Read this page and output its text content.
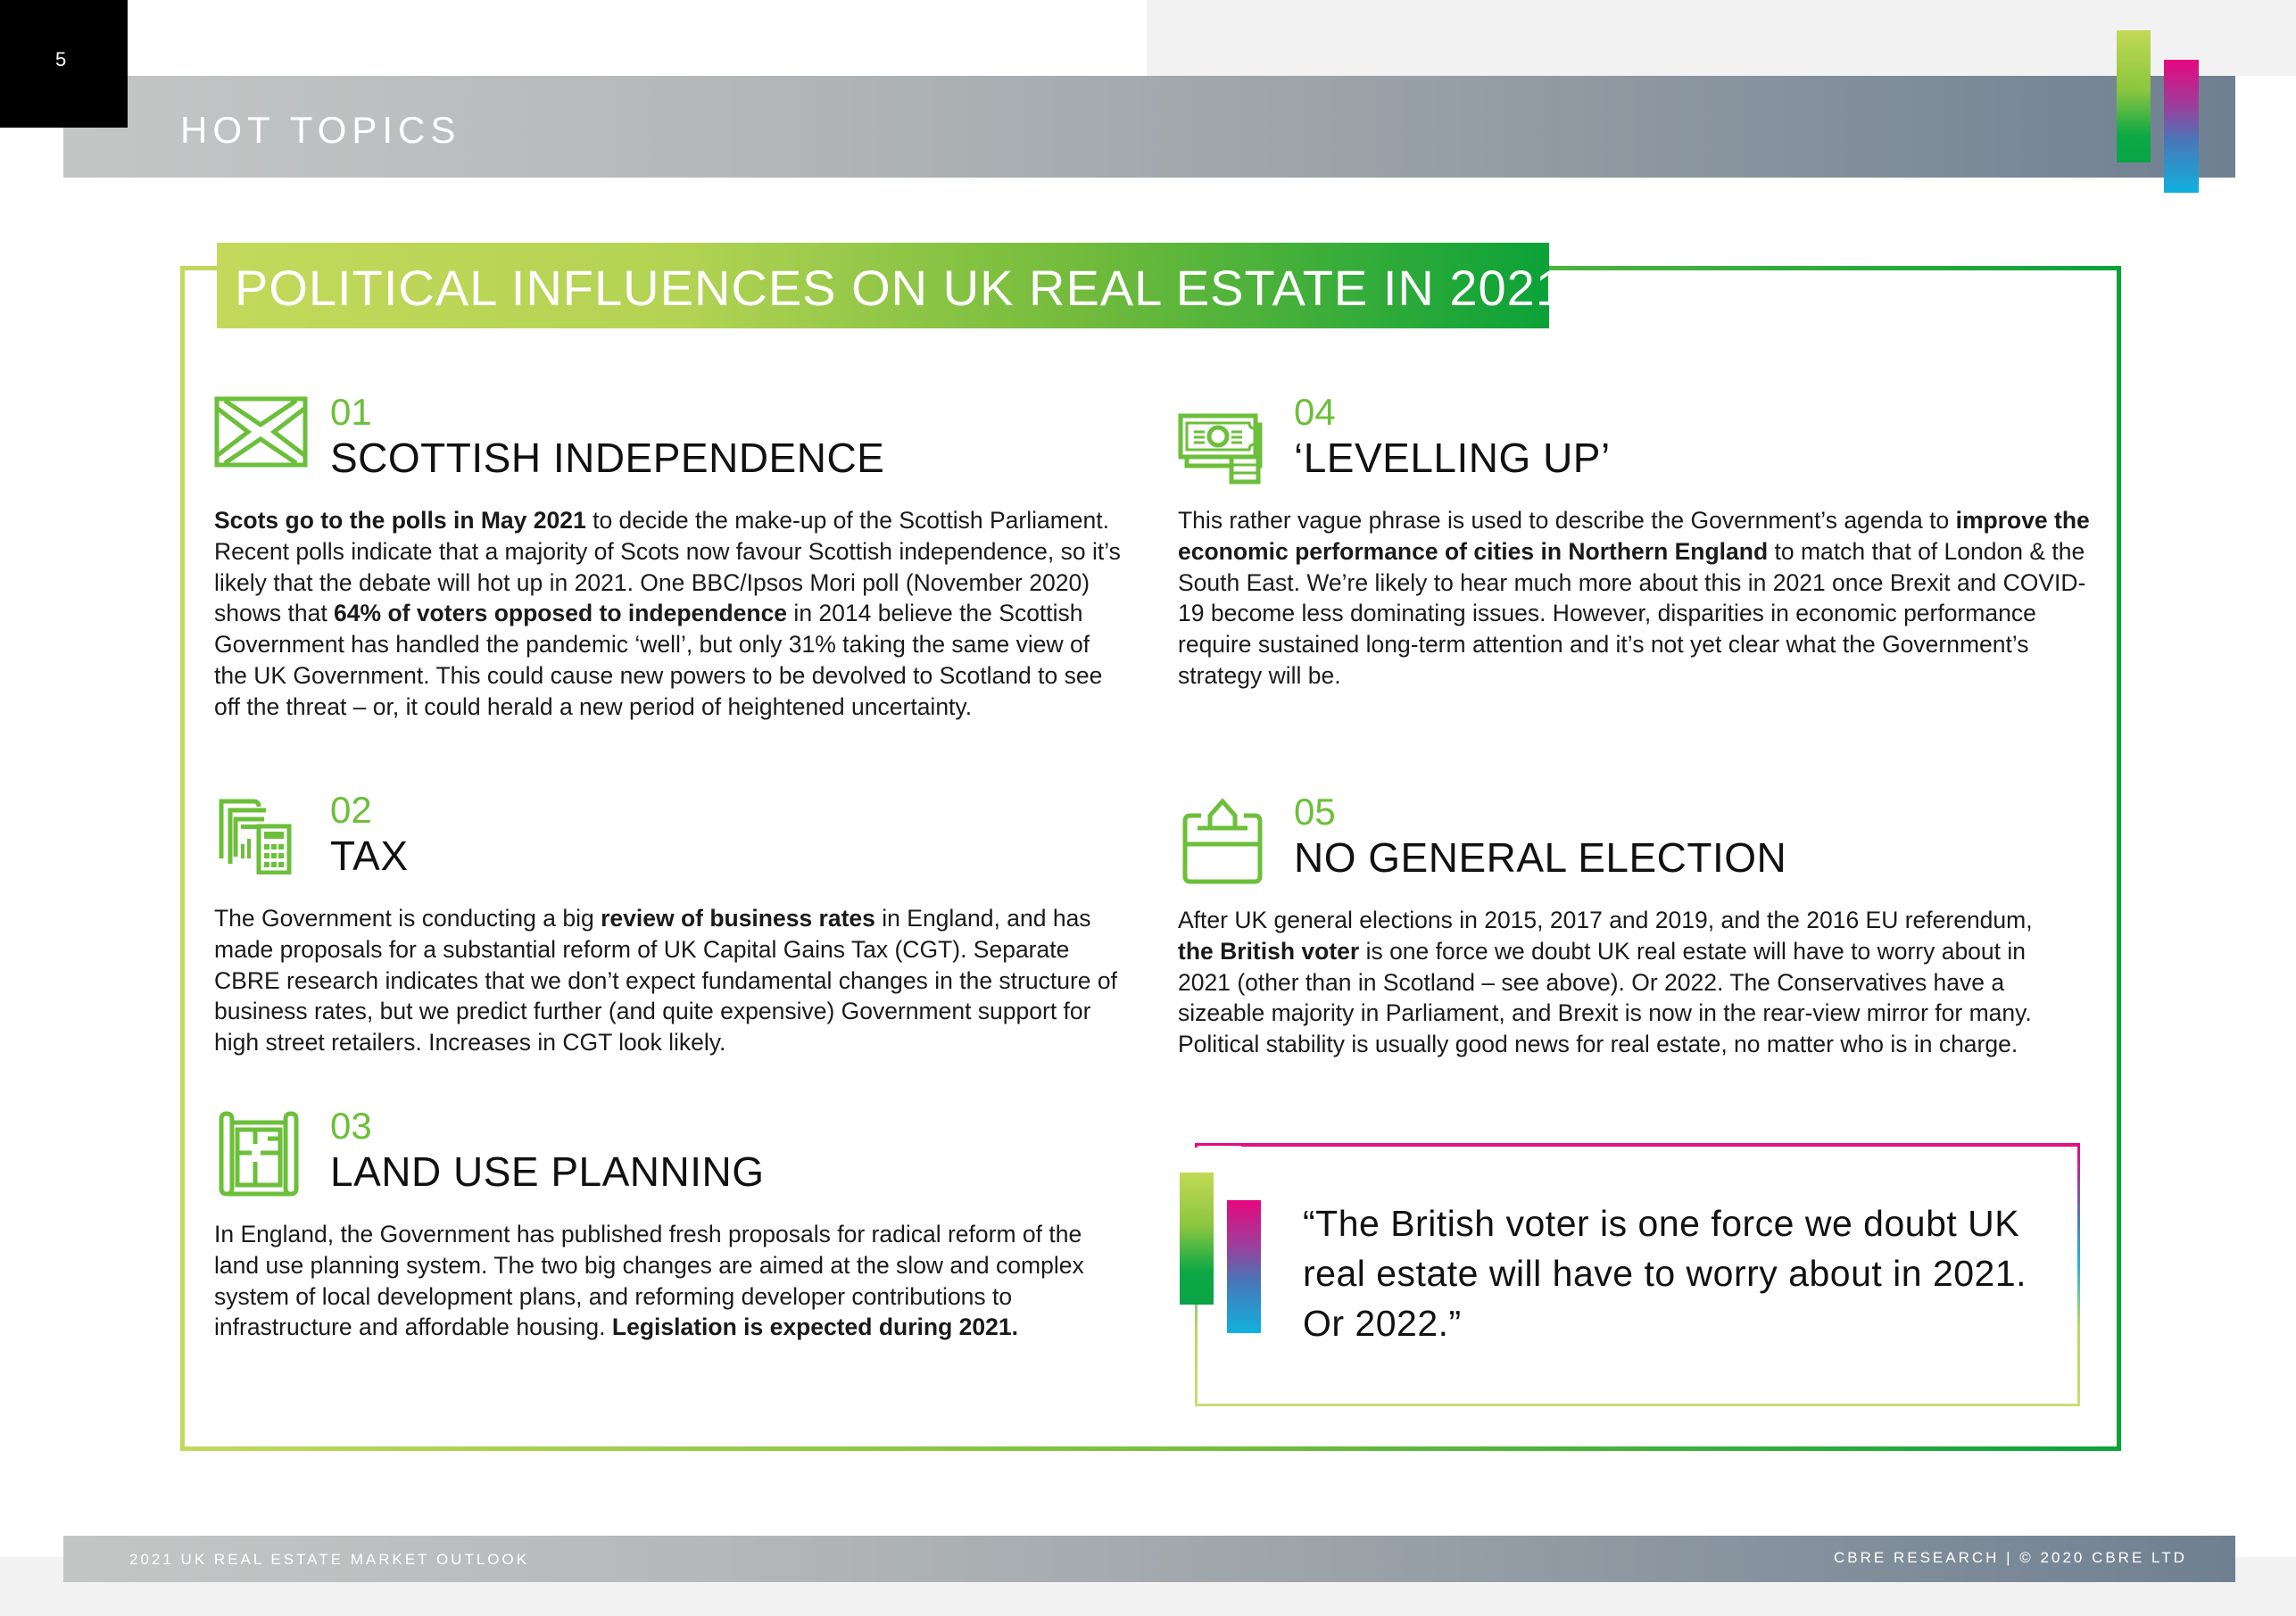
5
HOT TOPICS
POLITICAL INFLUENCES ON UK REAL ESTATE IN 2021
01
SCOTTISH INDEPENDENCE
Scots go to the polls in May 2021 to decide the make-up of the Scottish Parliament. Recent polls indicate that a majority of Scots now favour Scottish independence, so it’s likely that the debate will hot up in 2021. One BBC/Ipsos Mori poll (November 2020) shows that 64% of voters opposed to independence in 2014 believe the Scottish Government has handled the pandemic ‘well’, but only 31% taking the same view of the UK Government. This could cause new powers to be devolved to Scotland to see off the threat – or, it could herald a new period of heightened uncertainty.
02
TAX
The Government is conducting a big review of business rates in England, and has made proposals for a substantial reform of UK Capital Gains Tax (CGT). Separate CBRE research indicates that we don’t expect fundamental changes in the structure of business rates, but we predict further (and quite expensive) Government support for high street retailers. Increases in CGT look likely.
03
LAND USE PLANNING
In England, the Government has published fresh proposals for radical reform of the land use planning system. The two big changes are aimed at the slow and complex system of local development plans, and reforming developer contributions to infrastructure and affordable housing. Legislation is expected during 2021.
04
‘LEVELLING UP’
This rather vague phrase is used to describe the Government’s agenda to improve the economic performance of cities in Northern England to match that of London & the South East. We’re likely to hear much more about this in 2021 once Brexit and COVID-19 become less dominating issues. However, disparities in economic performance require sustained long-term attention and it’s not yet clear what the Government’s strategy will be.
05
NO GENERAL ELECTION
After UK general elections in 2015, 2017 and 2019, and the 2016 EU referendum, the British voter is one force we doubt UK real estate will have to worry about in 2021 (other than in Scotland – see above). Or 2022. The Conservatives have a sizeable majority in Parliament, and Brexit is now in the rear-view mirror for many. Political stability is usually good news for real estate, no matter who is in charge.
“The British voter is one force we doubt UK real estate will have to worry about in 2021. Or 2022.”
2021 UK REAL ESTATE MARKET OUTLOOK	CBRE RESEARCH | © 2020 CBRE LTD
